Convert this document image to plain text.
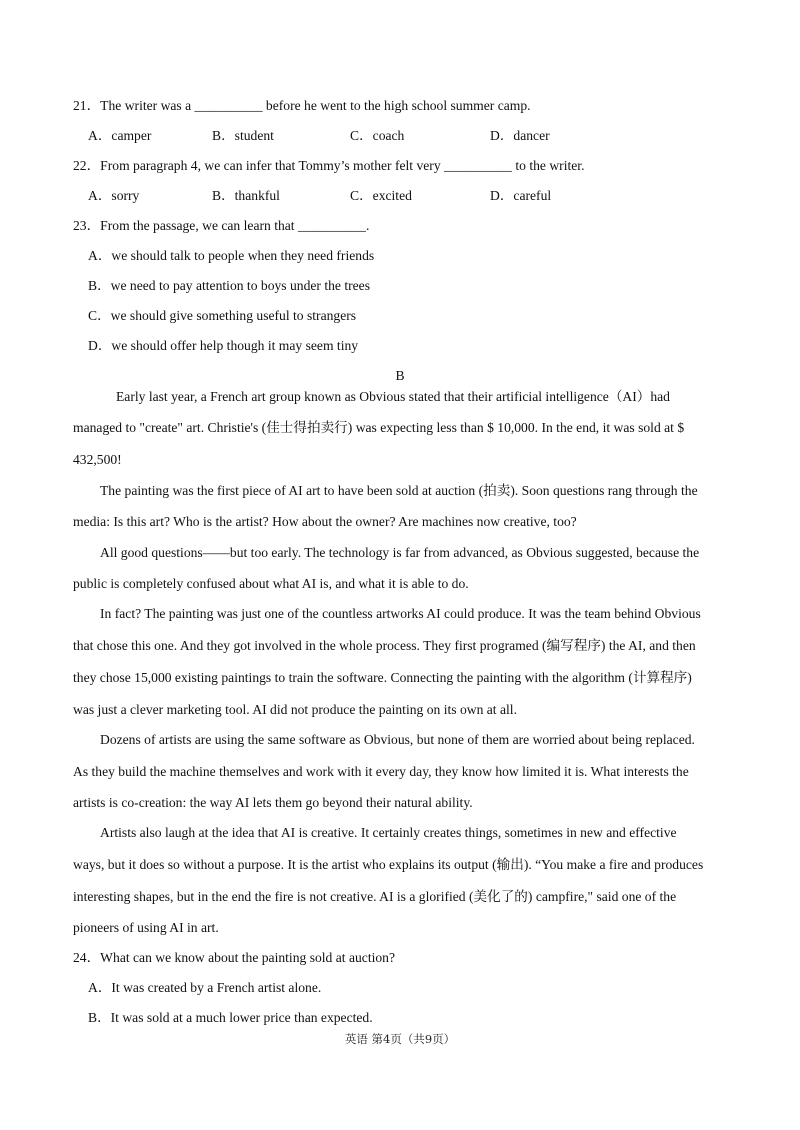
21．The writer was a __________ before he went to the high school summer camp.
A．camper	B．student	C．coach	D．dancer
22．From paragraph 4, we can infer that Tommy’s mother felt very __________ to the writer.
A．sorry	B．thankful	C．excited	D．careful
23．From the passage, we can learn that __________.
A．we should talk to people when they need friends
B．we need to pay attention to boys under the trees
C．we should give something useful to strangers
D．we should offer help though it may seem tiny
B
Early last year, a French art group known as Obvious stated that their artificial intelligence（AI）had
managed to "create" art. Christie's (佳士得拍卖行) was expecting less than $ 10,000. In the end, it was sold at $
432,500!
The painting was the first piece of AI art to have been sold at auction (拍卖). Soon questions rang through the
media: Is this art? Who is the artist? How about the owner? Are machines now creative, too?
All good questions——but too early. The technology is far from advanced, as Obvious suggested, because the
public is completely confused about what AI is, and what it is able to do.
In fact? The painting was just one of the countless artworks AI could produce. It was the team behind Obvious
that chose this one. And they got involved in the whole process. They first programed (编写程序) the AI, and then
they chose 15,000 existing paintings to train the software. Connecting the painting with the algorithm (计算程序)
was just a clever marketing tool. AI did not produce the painting on its own at all.
Dozens of artists are using the same software as Obvious, but none of them are worried about being replaced.
As they build the machine themselves and work with it every day, they know how limited it is. What interests the
artists is co-creation: the way AI lets them go beyond their natural ability.
Artists also laugh at the idea that AI is creative. It certainly creates things, sometimes in new and effective
ways, but it does so without a purpose. It is the artist who explains its output (输出). “You make a fire and produces
interesting shapes, but in the end the fire is not creative. AI is a glorified (美化了的) campfire," said one of the
pioneers of using AI in art.
24．What can we know about the painting sold at auction?
A．It was created by a French artist alone.
B．It was sold at a much lower price than expected.
英语 第4页（共9页）
